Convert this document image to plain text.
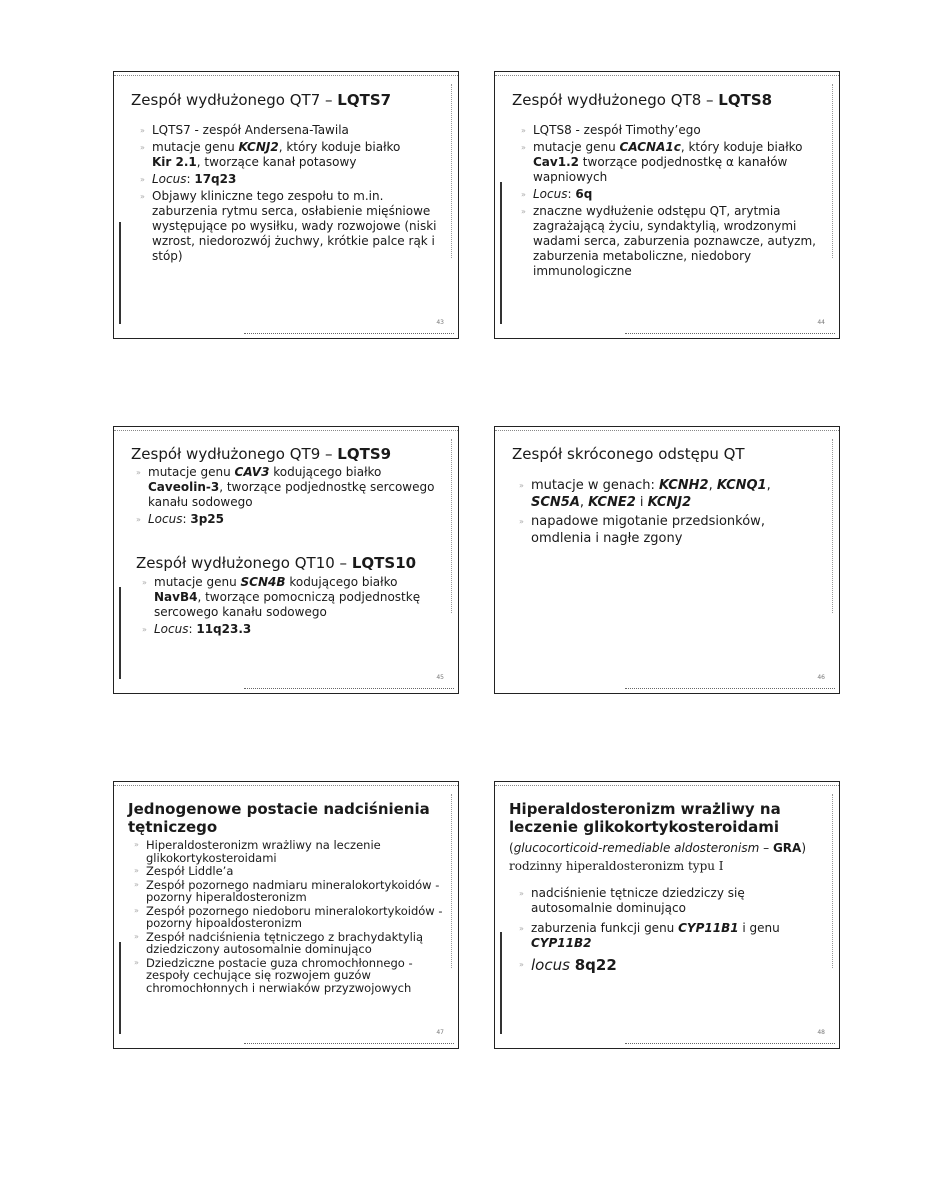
Zespół wydłużonego QT7 – LQTS7
» LQTS7 - zespół Andersena-Tawila
» mutacje genu KCNJ2, który koduje białko
Kir 2.1, tworzące kanał potasowy
» Locus: 17q23
» Objawy kliniczne tego zespołu to m.in. zaburzenia rytmu serca, osłabienie mięśniowe występujące po wysiłku, wady rozwojowe (niski wzrost, niedorozwój żuchwy, krótkie palce rąk i stóp)
43
Zespół wydłużonego QT8 – LQTS8
» LQTS8 - zespół Timothy’ego
» mutacje genu CACNA1c, który koduje białko
Cav1.2 tworzące podjednostkę α kanałów wapniowych
» Locus: 6q
» znaczne wydłużenie odstępu QT, arytmia zagrażającą życiu, syndaktylią, wrodzonymi wadami serca, zaburzenia poznawcze, autyzm, zaburzenia metaboliczne, niedobory immunologiczne
44
Zespół wydłużonego QT9 – LQTS9
» mutacje genu CAV3 kodującego białko
Caveolin-3, tworzące podjednostkę sercowego kanału sodowego
» Locus: 3p25
Zespół wydłużonego QT10 – LQTS10
» mutacje genu SCN4B kodującego białko
NavB4, tworzące pomocniczą podjednostkę sercowego kanału sodowego
» Locus: 11q23.3
45
Zespół skróconego odstępu QT
» mutacje w genach: KCNH2, KCNQ1,
SCN5A, KCNE2 i KCNJ2
» napadowe migotanie przedsionków, omdlenia i nagłe zgony
46
Jednogenowe postacie nadciśnienia tętniczego
» Hiperaldosteronizm wrażliwy na leczenie glikokortykosteroidami
» Zespół Liddle’a
» Zespół pozornego nadmiaru mineralokortykoidów - pozorny hiperaldosteronizm
» Zespół pozornego niedoboru mineralokortykoidów - pozorny hipoaldosteronizm
» Zespół nadciśnienia tętniczego z brachydaktylią dziedziczony autosomalnie dominująco
» Dziedziczne postacie guza chromochłonnego - zespoły cechujące się rozwojem guzów chromochłonnych i nerwiaków przyzwojowych
47
Hiperaldosteronizm wrażliwy na leczenie glikokortykosteroidami
(glucocorticoid-remediable aldosteronism – GRA)
rodzinny hiperaldosteronizm typu I
» nadciśnienie tętnicze dziedziczy się autosomalnie dominująco
» zaburzenia funkcji genu CYP11B1 i genu
CYP11B2
» locus 8q22
48
